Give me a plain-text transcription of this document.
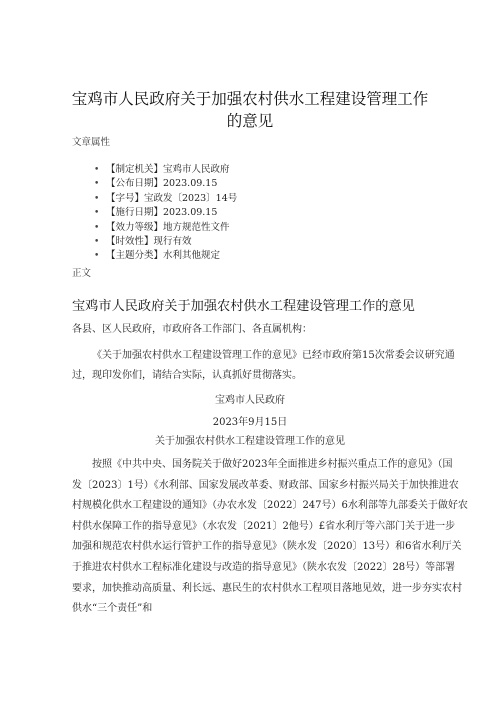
宝鸡市人民政府关于加强农村供水工程建设管理工作
的意见
文章属性
• 【制定机关】宝鸡市人民政府
• 【公布日期】2023.09.15
• 【字号】宝政发〔2023〕14号
• 【施行日期】2023.09.15
• 【效力等级】地方规范性文件
• 【时效性】现行有效
• 【主题分类】水利其他规定
正文
宝鸡市人民政府关于加强农村供水工程建设管理工作的意见
各县、区人民政府，市政府各工作部门、各直属机构：

《关于加强农村供水工程建设管理工作的意见》已经市政府第15次常委会议研究通
过，现印发你们，请结合实际，认真抓好贯彻落实。

宝鸡市人民政府
2023年9月15日
关于加强农村供水工程建设管理工作的意见

按照《中共中央、国务院关于做好2023年全面推进乡村振兴重点工作的意见》（国
发〔2023〕1号）《水利部、国家发展改革委、财政部、国家乡村振兴局关于加快推进农
村规模化供水工程建设的通知》（办农水发〔2022〕247号）6水利部等九部委关于做好农
村供水保障工作的指导意见》（水农发〔2021〕2他号）£省水利厅等六部门关于进一步
加强和规范农村供水运行管护工作的指导意见》（陕水发〔2020〕13号）和6省水利厅关
于推进农村供水工程标准化建设与改造的指导意见》（陕水农发〔2022〕28号）等部署
要求，加快推动高质量、利长远、惠民生的农村供水工程项目落地见效，进一步夯实农村
供水“三个责任”和
